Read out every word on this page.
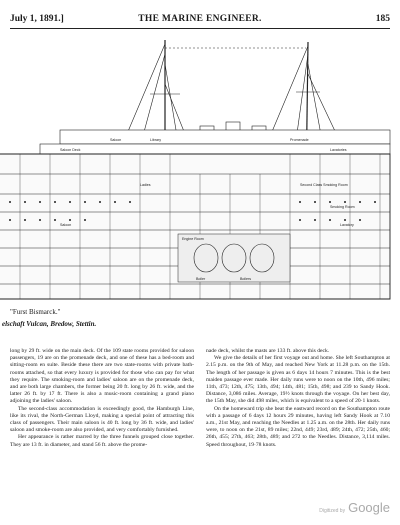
July 1, 1891.]	THE MARINE ENGINEER.	185
Saloon	Library	Promenade
Saloon Deck	Lavatories
Second Class Smoking Room
Ladies
Engine Room
Boiler	Boilers
Saloon
Smoking Room
Lavatory
"Furst Bismarck."
elschaft Vulcan, Bredow, Stettin.

long by 29 ft. wide on the main deck. Of the 109 state rooms provided for saloon passengers, 19 are on the promenade deck, and one of these has a bed-room and sitting-room en suite. Beside these there are two state-rooms with private bath-rooms attached, so that every luxury is provided for those who can pay for what they require. The smoking-room and ladies' saloon are on the promenade deck, and are both large chambers, the former being 20 ft. long by 26 ft. wide, and the latter 26 ft. by 17 ft. There is also a music-room containing a grand piano adjoining the ladies' saloon.

The second-class accommodation is exceedingly good, the Hamburgh Line, like its rival, the North-German Lloyd, making a special point of attracting this class of passengers. Their main saloon is 40 ft. long by 36 ft. wide, and ladies' saloon and smoke-room are also provided, and very comfortably furnished.

Her appearance is rather marred by the three funnels grouped close together. They are 13 ft. in diameter, and stand 56 ft. above the prome-

nade deck, whilst the masts are 133 ft. above this deck.

We give the details of her first voyage out and home. She left Southampton at 2.15 p.m. on the 9th of May, and reached New York at 11.28 p.m. on the 15th. The length of her passage is given as 6 days 14 hours 7 minutes. This is the best maiden passage ever made. Her daily runs were to noon on the 10th, 496 miles; 11th, 473; 12th, 475; 13th, 494; 14th, 481; 15th, 498; and 239 to Sandy Hook. Distance, 3,086 miles. Average, 19½ knots through the voyage. On her best day, the 15th May, she did 498 miles, which is equivalent to a speed of 20·1 knots.

On the homeward trip she beat the eastward record on the Southampton route with a passage of 6 days 12 hours 29 minutes, having left Sandy Hook at 7.10 a.m., 21st May, and reaching the Needles at 1.25 a.m. on the 28th. Her daily runs were, to noon on the 21st, 89 miles; 22nd, 449; 23rd, 489; 24th, 472; 25th, 460; 26th, 455; 27th, 463; 28th, 489; and 272 to the Needles. Distance, 3,114 miles. Speed throughout, 19·78 knots.

Digitized by Google
